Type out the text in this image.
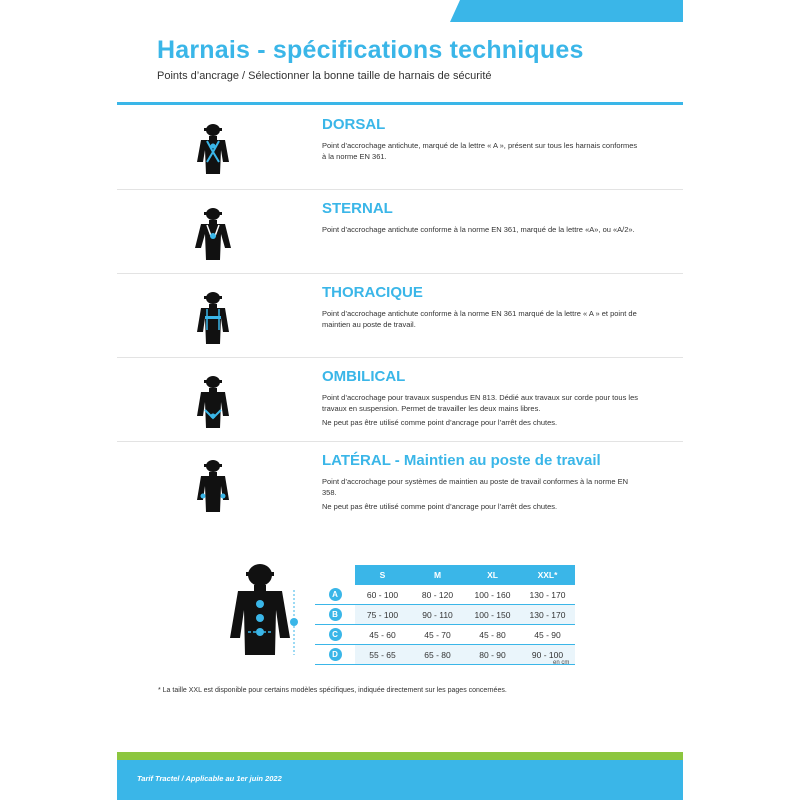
Harnais - spécifications techniques
Points d’ancrage / Sélectionner la bonne taille de harnais de sécurité
DORSAL

Point d’accrochage antichute, marqué de la lettre « A », présent sur tous les harnais conformes à la norme EN 361.

STERNAL

Point d’accrochage antichute conforme à la norme EN 361, marqué de la lettre «A», ou «A/2».

THORACIQUE

Point d’accrochage antichute conforme à la norme EN 361 marqué de la lettre « A » et point de maintien au poste de travail.

OMBILICAL

Point d’accrochage pour travaux suspendus EN 813. Dédié aux travaux sur corde pour tous les travaux en suspension. Permet de travailler les deux mains libres.

Ne peut pas être utilisé comme point d’ancrage pour l’arrêt des chutes.

LATÉRAL - Maintien au poste de travail

Point d’accrochage pour systèmes de maintien au poste de travail conformes à la norme EN 358.

Ne peut pas être utilisé comme point d’ancrage pour l’arrêt des chutes.

	S	M	XL	XXL*
A	60 - 100	80 - 120	100 - 160	130 - 170
B	75 - 100	90 - 110	100 - 150	130 - 170
C	45 - 60	45 - 70	45 - 80	45 - 90
D	55 - 65	65 - 80	80 - 90	90 - 100
en cm
* La taille XXL est disponible pour certains modèles spécifiques, indiquée directement sur les pages concernées.
Tarif Tractel / Applicable au 1er juin 2022
